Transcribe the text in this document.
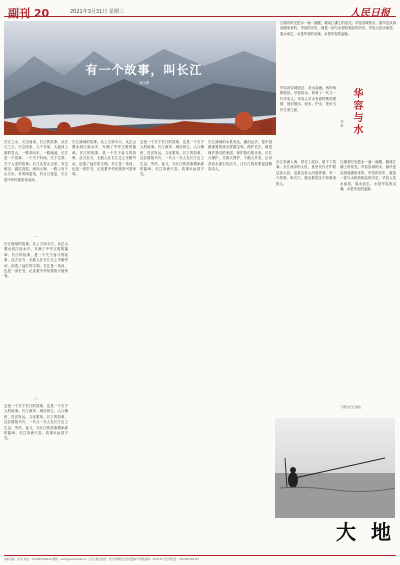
副刊 20	2021年3月31日 星期三	人民日报
有一个故事，叫长江
刘汉俊
长江之水，天空而来。长江的故事，从长江之天，天空而来，几千年前，大渡河上游的雪山，一路奔向东，一路流淌，长江是一个故事，一个关于时间、关于生命、关于人类的故事。长江从雪山走来，穿过峡谷，越过高原，流向大海，一路上有千山万水，有风雨雷电，有日月星辰，长江是中华民族的母亲河。
一
长江流域的故事，从上古到今天，从巴山蜀水到江南水乡，写满了中华文明的篇章。长江的故事，是一个关于奋斗的故事，从古至今，无数人在长江边上辛勤劳动，创造了灿烂的文明。长江是一条河，也是一部史书，记录着中华民族的兴衰荣辱。
二
这是一个关于长江的故事，也是一个关于人的故事。长江两岸，城市林立，人口稠密，经济发达，文化繁荣。长江的故事，还在继续书写，一代又一代人在长江边上生活、劳作、奋斗，为长江的故事增添新的篇章。长江奔流不息，故事永远讲不完。
长江流域的故事，从上古到今天，从巴山蜀水到江南水乡，写满了中华文明的篇章。长江的故事，是一个关于奋斗的故事，从古至今，无数人在长江边上辛勤劳动，创造了灿烂的文明。长江是一条河，也是一部史书，记录着中华民族的兴衰荣辱。
这是一个关于长江的故事，也是一个关于人的故事。长江两岸，城市林立，人口稠密，经济发达，文化繁荣。长江的故事，还在继续书写，一代又一代人在长江边上生活、劳作、奋斗，为长江的故事增添新的篇章。长江奔流不息，故事永远讲不完。
长江流域的水系发达，湖泊众多，是中国最重要的淡水资源宝库。保护长江，就是保护我们的家园，保护我们的未来。长江大保护，共抓大保护、不搞大开发，让母亲河永葆生机活力，让长江的故事更加精彩动人。
江湖有时光把水一滴一滴聚，凝成江湖上的星光。华容县城的水，最早是从洞庭湖里来的，华容的历史，就是一部与水相依相存的历史。华容人依水而居，靠水而生，水是华容的灵魂，水是华容的血脉。
华容与水
何 炬
华容河穿城而过，河水清澈，两岸杨柳依依。华容的水，养育了一代又一代华容人。华容人对水有着特殊的感情，他们敬水、爱水、护水，把水当作生命之源。
长江奔流入海，带走了泥沙，留下了故事。长江两岸的人民，世世代代守护着这条大河，也被这条大河滋养着。有一个故事，叫长江，我们都是这个故事里的人。
江湖有时光把水一滴一滴聚，凝成江湖上的星光。华容县城的水，最早是从洞庭湖里来的，华容的历史，就是一部与水相依相存的历史。华容人依水而居，靠水而生，水是华容的灵魂，水是华容的血脉。
下图为长江春色
大 地
本版责编：刘 寅 电话：(010)65368442 邮箱：dadi@peopledaily.cn 人民日报社地址：北京市朝阳区金台西路2号 邮政编码：100733 发行部电话：(010)65369325
